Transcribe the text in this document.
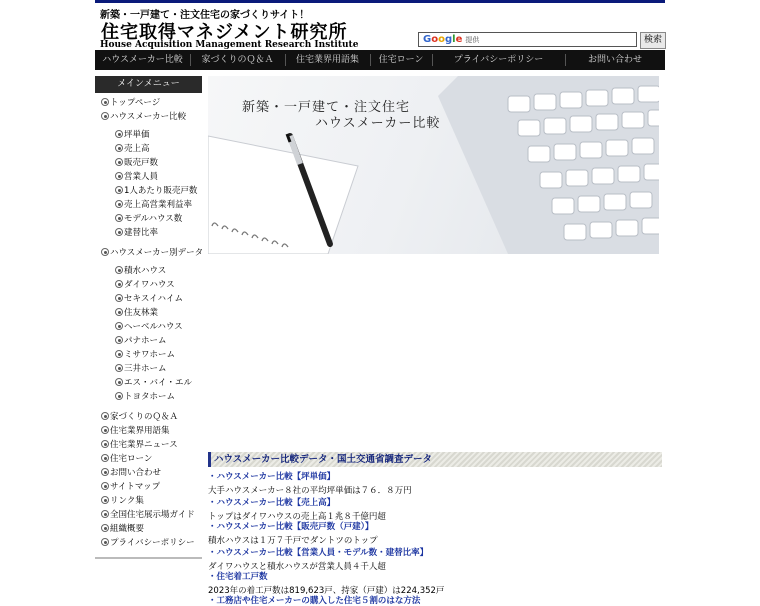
新築・一戸建て・注文住宅の家づくりサイト！
住宅取得マネジメント研究所
House Acquisition Management Research Institute	Google 提供	検索
ハウスメーカー比較	家づくりのＱ＆Ａ	住宅業界用語集	住宅ローン	プライバシーポリシー	お問い合わせ
メインメニュー
トップページ
ハウスメーカー比較
坪単価
売上高
販売戸数
営業人員
1人あたり販売戸数
売上高営業利益率
モデルハウス数
建替比率
ハウスメーカー別データ
積水ハウス
ダイワハウス
セキスイハイム
住友林業
ヘーベルハウス
パナホーム
ミサワホーム
三井ホーム
エス・バイ・エル
トヨタホーム
家づくりのＱ＆Ａ
住宅業界用語集
住宅業界ニュース
住宅ローン
お問い合わせ
サイトマップ
リンク集
全国住宅展示場ガイド
組織概要
プライバシーポリシー
新築・一戸建て・注文住宅
ハウスメーカー比較
ハウスメーカー比較データ・国土交通省調査データ
・ハウスメーカー比較【坪単価】
大手ハウスメーカー８社の平均坪単価は７６．８万円
・ハウスメーカー比較【売上高】
トップはダイワハウスの売上高１兆８千億円超
・ハウスメーカー比較【販売戸数（戸建）】
積水ハウスは１万７千戸でダントツのトップ
・ハウスメーカー比較【営業人員・モデル数・建替比率】
ダイワハウスと積水ハウスが営業人員４千人超
・住宅着工戸数
2023年の着工戸数は819,623戸、持家（戸建）は224,352戸
・工務店や住宅メーカーの購入した住宅５割のはな方法
